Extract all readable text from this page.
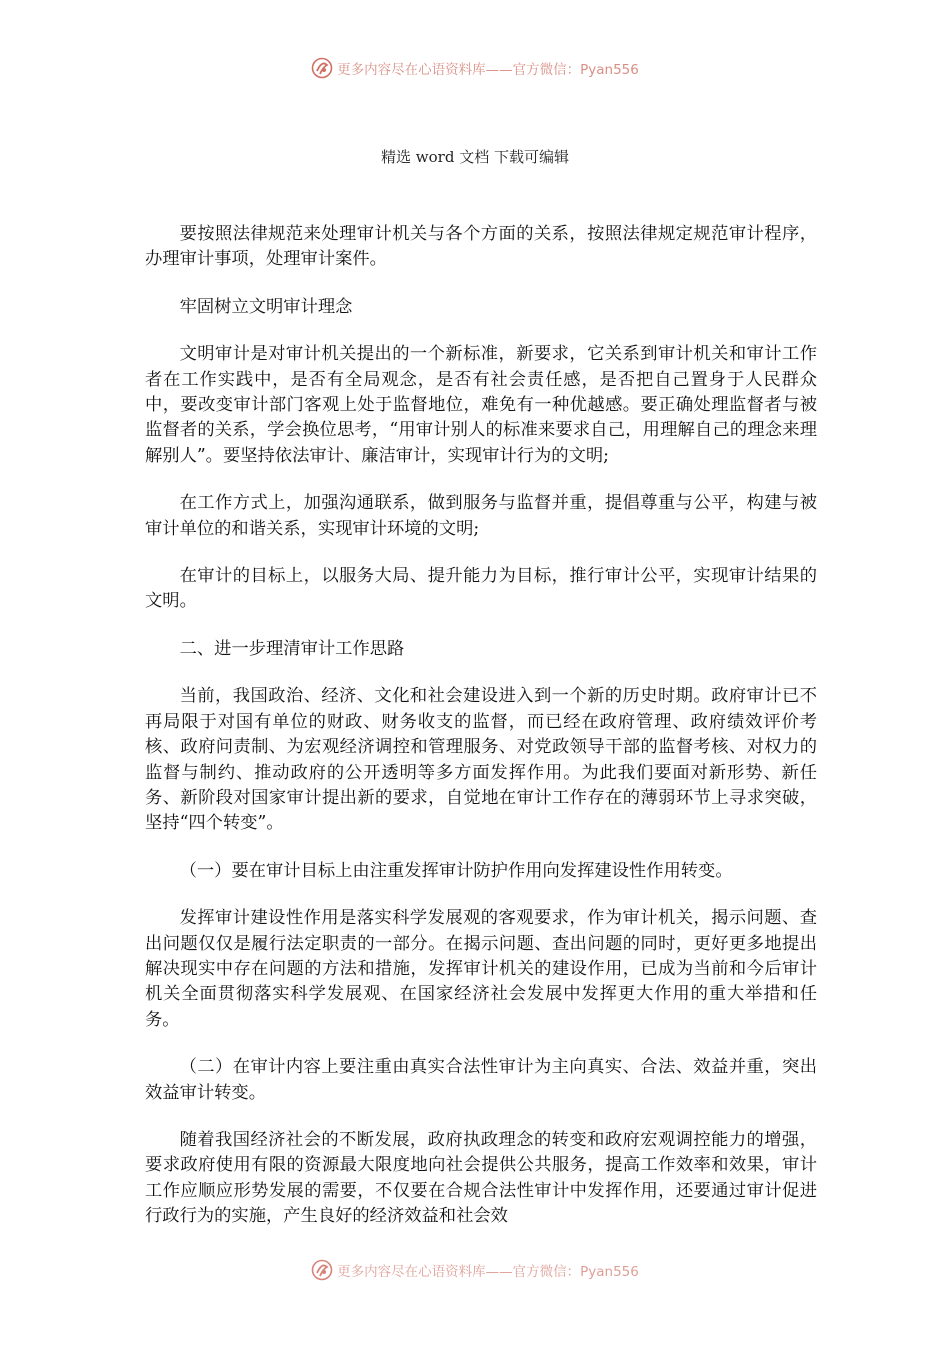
更多内容尽在心语资料库——官方微信：Pyan556
精选 word 文档 下载可编辑

要按照法律规范来处理审计机关与各个方面的关系，按照法律规定规范审计程序，办理审计事项，处理审计案件。

牢固树立文明审计理念

文明审计是对审计机关提出的一个新标准，新要求，它关系到审计机关和审计工作者在工作实践中，是否有全局观念，是否有社会责任感，是否把自己置身于人民群众中，要改变审计部门客观上处于监督地位，难免有一种优越感。要正确处理监督者与被监督者的关系，学会换位思考，“用审计别人的标准来要求自己，用理解自己的理念来理解别人”。要坚持依法审计、廉洁审计，实现审计行为的文明;

在工作方式上，加强沟通联系，做到服务与监督并重，提倡尊重与公平，构建与被审计单位的和谐关系，实现审计环境的文明;

在审计的目标上，以服务大局、提升能力为目标，推行审计公平，实现审计结果的文明。

二、进一步理清审计工作思路

当前，我国政治、经济、文化和社会建设进入到一个新的历史时期。政府审计已不再局限于对国有单位的财政、财务收支的监督，而已经在政府管理、政府绩效评价考核、政府问责制、为宏观经济调控和管理服务、对党政领导干部的监督考核、对权力的监督与制约、推动政府的公开透明等多方面发挥作用。为此我们要面对新形势、新任务、新阶段对国家审计提出新的要求，自觉地在审计工作存在的薄弱环节上寻求突破，坚持“四个转变”。

（一）要在审计目标上由注重发挥审计防护作用向发挥建设性作用转变。

发挥审计建设性作用是落实科学发展观的客观要求，作为审计机关，揭示问题、查出问题仅仅是履行法定职责的一部分。在揭示问题、查出问题的同时，更好更多地提出解决现实中存在问题的方法和措施，发挥审计机关的建设作用，已成为当前和今后审计机关全面贯彻落实科学发展观、在国家经济社会发展中发挥更大作用的重大举措和任务。

（二）在审计内容上要注重由真实合法性审计为主向真实、合法、效益并重，突出效益审计转变。

随着我国经济社会的不断发展，政府执政理念的转变和政府宏观调控能力的增强，要求政府使用有限的资源最大限度地向社会提供公共服务，提高工作效率和效果，审计工作应顺应形势发展的需要，不仅要在合规合法性审计中发挥作用，还要通过审计促进行政行为的实施，产生良好的经济效益和社会效

更多内容尽在心语资料库——官方微信：Pyan556
